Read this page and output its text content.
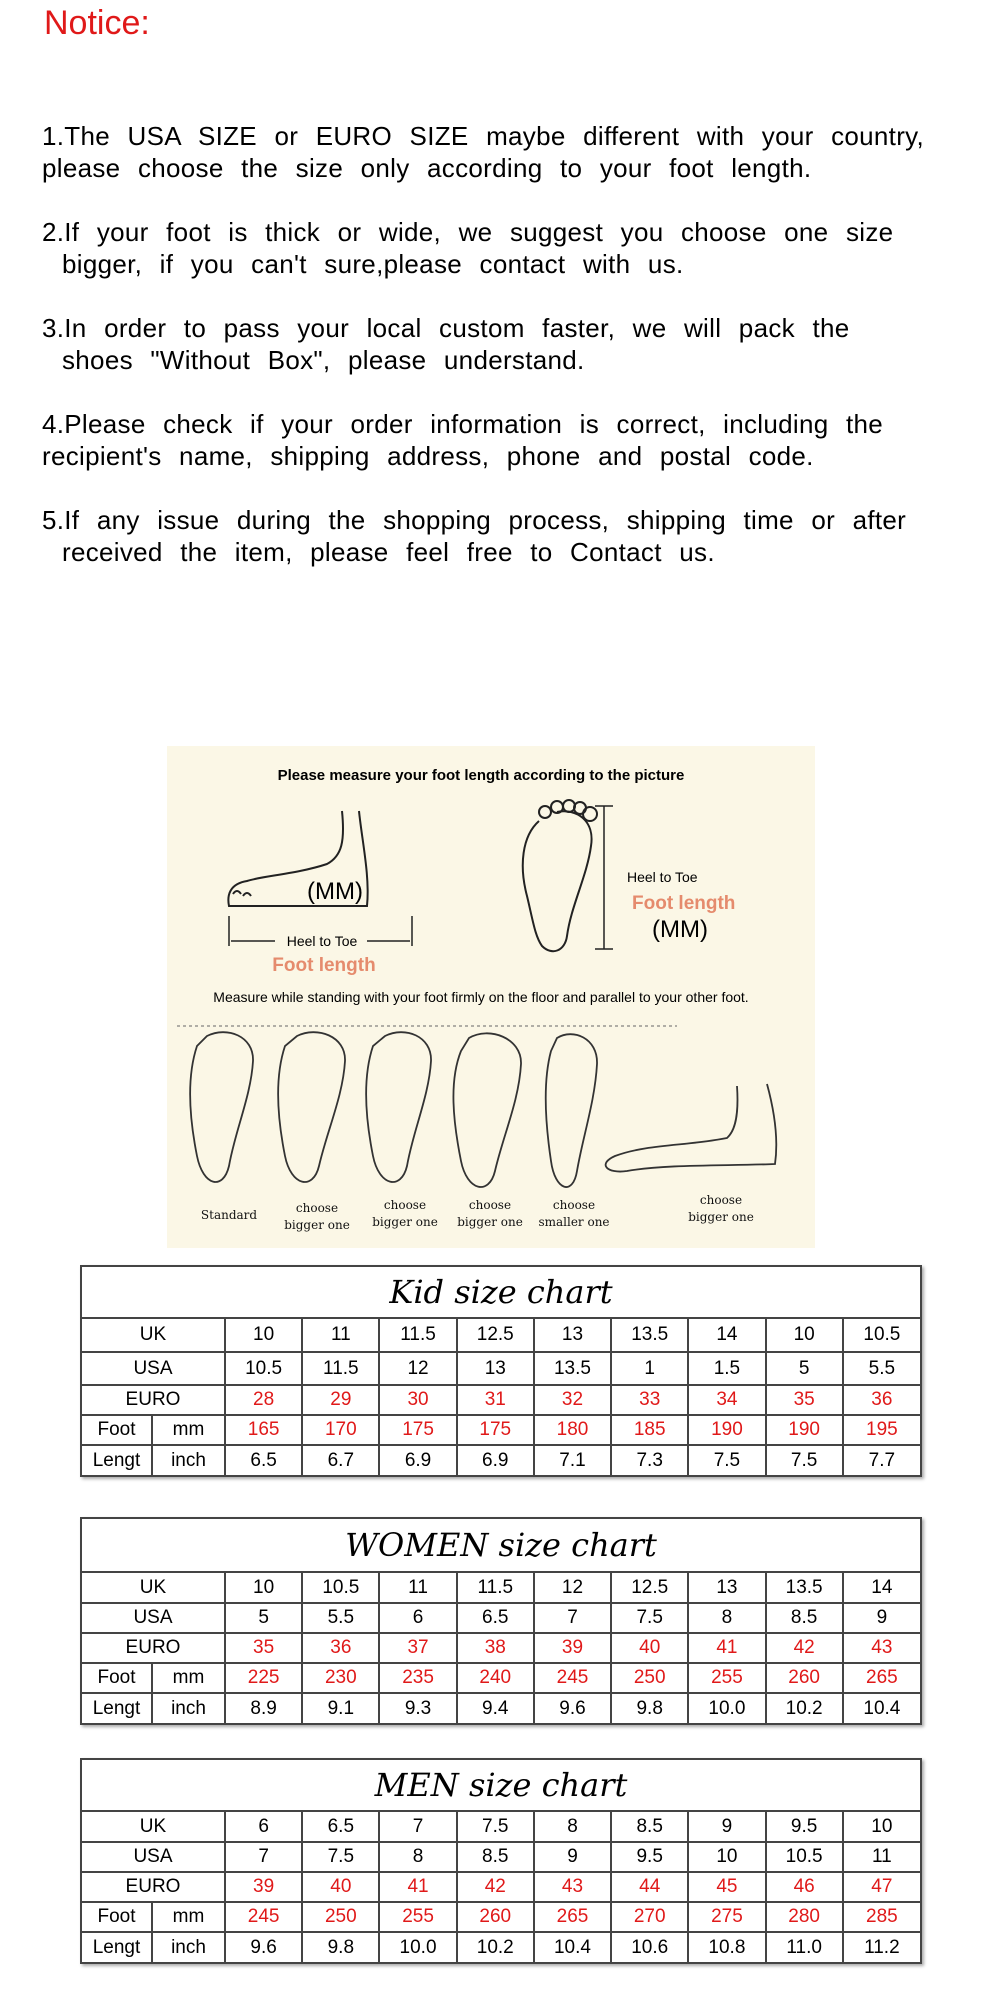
Notice:

1.The USA SIZE or EURO SIZE maybe different with your country,
please choose the size only according to your foot length.

2.If your foot is thick or wide, we suggest you choose one size
bigger, if you can't sure,please contact with us.

3.In order to pass your local custom faster, we will pack the
shoes "Without Box", please understand.

4.Please check if your order information is correct, including the
recipient's name, shipping address, phone and postal code.

5.If any issue during the shopping process, shipping time or after
received the item, please feel free to Contact us.

Please measure your foot length according to the picture
(MM)
Heel to Toe
Foot length
Heel to Toe
Foot length
(MM)
Measure while standing with your foot firmly on the floor and parallel to your other foot.
Standard	choose
bigger one
choose
bigger one
choose
bigger one
choose
smaller one
choose
bigger one
Kid size chart
UK		10	11	11.5	12.5	13	13.5	14	10	10.5
USA		10.5	11.5	12	13	13.5	1	1.5	5	5.5
EURO		28	29	30	31	32	33	34	35	36
Foot	mm	165	170	175	175	180	185	190	190	195
Lengt	inch	6.5	6.7	6.9	6.9	7.1	7.3	7.5	7.5	7.7
WOMEN size chart
UK		10	10.5	11	11.5	12	12.5	13	13.5	14
USA		5	5.5	6	6.5	7	7.5	8	8.5	9
EURO		35	36	37	38	39	40	41	42	43
Foot	mm	225	230	235	240	245	250	255	260	265
Lengt	inch	8.9	9.1	9.3	9.4	9.6	9.8	10.0	10.2	10.4
MEN size chart
UK		6	6.5	7	7.5	8	8.5	9	9.5	10
USA		7	7.5	8	8.5	9	9.5	10	10.5	11
EURO		39	40	41	42	43	44	45	46	47
Foot	mm	245	250	255	260	265	270	275	280	285
Lengt	inch	9.6	9.8	10.0	10.2	10.4	10.6	10.8	11.0	11.2
